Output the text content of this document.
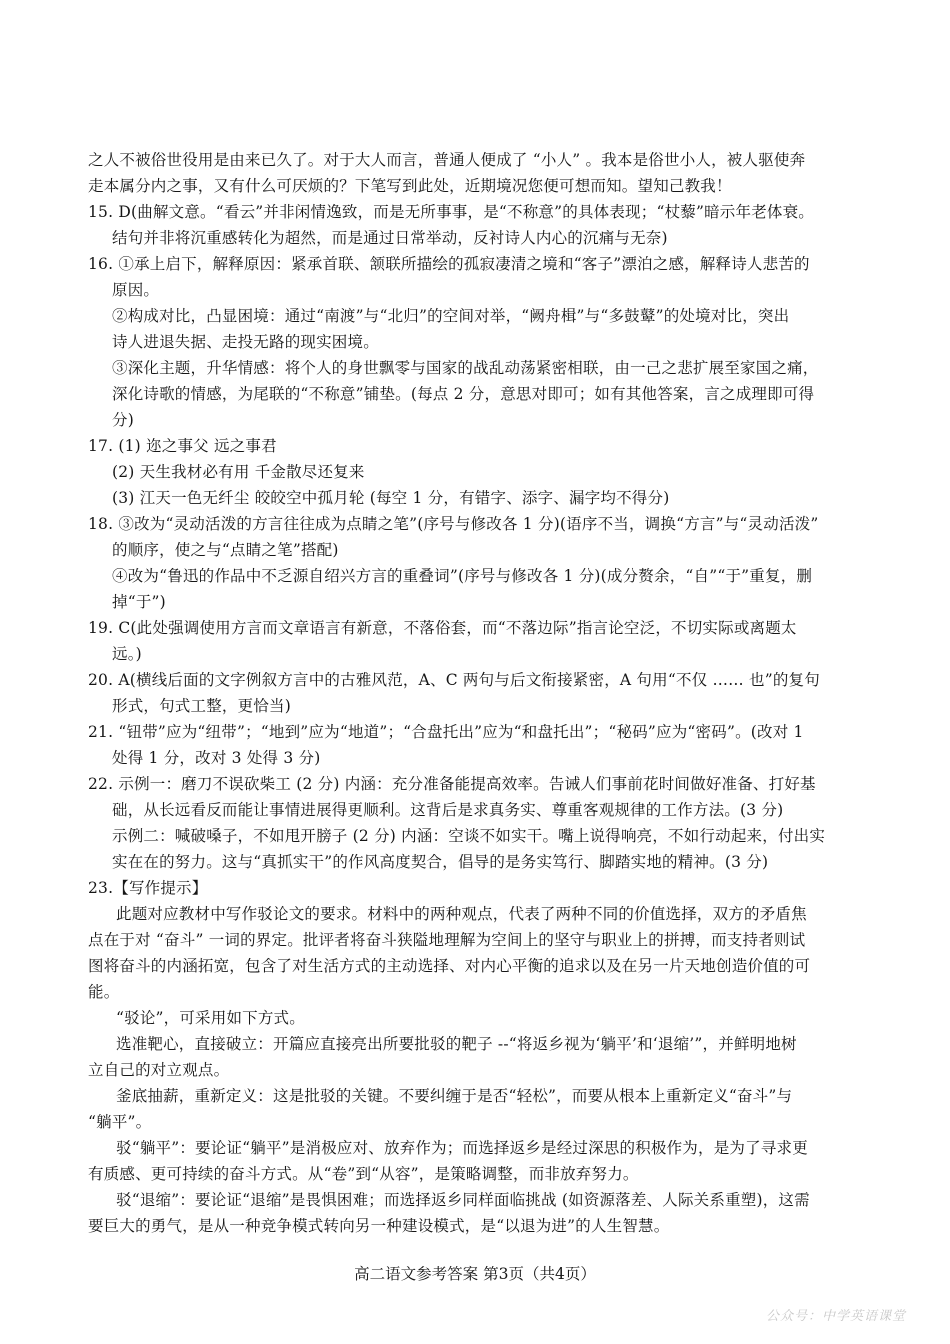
之人不被俗世役用是由来已久了。对于大人而言，普通人便成了 “小人” 。我本是俗世小人，被人驱使奔
走本属分内之事，又有什么可厌烦的？下笔写到此处，近期境况您便可想而知。望知己教我！
15. D(曲解文意。“看云”并非闲情逸致，而是无所事事，是“不称意”的具体表现；“杖藜”暗示年老体衰。
结句并非将沉重感转化为超然，而是通过日常举动，反衬诗人内心的沉痛与无奈)
16. ①承上启下，解释原因：紧承首联、颔联所描绘的孤寂凄清之境和“客子”漂泊之感，解释诗人悲苦的
原因。
②构成对比，凸显困境：通过“南渡”与“北归”的空间对举，“阙舟楫”与“多鼓鼙”的处境对比，突出
诗人进退失据、走投无路的现实困境。
③深化主题，升华情感：将个人的身世飘零与国家的战乱动荡紧密相联，由一己之悲扩展至家国之痛，
深化诗歌的情感，为尾联的“不称意”铺垫。(每点 2 分，意思对即可；如有其他答案，言之成理即可得
分)
17. (1) 迩之事父 远之事君
(2) 天生我材必有用 千金散尽还复来
(3) 江天一色无纤尘 皎皎空中孤月轮 (每空 1 分，有错字、添字、漏字均不得分)
18. ③改为“灵动活泼的方言往往成为点睛之笔”(序号与修改各 1 分)(语序不当，调换“方言”与“灵动活泼”
的顺序，使之与“点睛之笔”搭配)
④改为“鲁迅的作品中不乏源自绍兴方言的重叠词”(序号与修改各 1 分)(成分赘余，“自”“于”重复，删
掉“于”)
19. C(此处强调使用方言而文章语言有新意，不落俗套，而“不落边际”指言论空泛，不切实际或离题太
远。)
20. A(横线后面的文字例叙方言中的古雅风范，A、C 两句与后文衔接紧密，A 句用“不仅 …… 也”的复句
形式，句式工整，更恰当)
21. “钮带”应为“纽带”；“地到”应为“地道”；“合盘托出”应为“和盘托出”；“秘码”应为“密码”。(改对 1
处得 1 分，改对 3 处得 3 分)
22. 示例一：磨刀不误砍柴工 (2 分) 内涵：充分准备能提高效率。告诫人们事前花时间做好准备、打好基
础，从长远看反而能让事情进展得更顺利。这背后是求真务实、尊重客观规律的工作方法。(3 分)
示例二：喊破嗓子，不如甩开膀子 (2 分) 内涵：空谈不如实干。嘴上说得响亮，不如行动起来，付出实
实在在的努力。这与“真抓实干”的作风高度契合，倡导的是务实笃行、脚踏实地的精神。(3 分)
23.【写作提示】
此题对应教材中写作驳论文的要求。材料中的两种观点，代表了两种不同的价值选择，双方的矛盾焦
点在于对 “奋斗” 一词的界定。批评者将奋斗狭隘地理解为空间上的坚守与职业上的拼搏，而支持者则试
图将奋斗的内涵拓宽，包含了对生活方式的主动选择、对内心平衡的追求以及在另一片天地创造价值的可
能。
“驳论”，可采用如下方式。
选准靶心，直接破立：开篇应直接亮出所要批驳的靶子 --“将返乡视为‘躺平’和‘退缩’”，并鲜明地树
立自己的对立观点。
釜底抽薪，重新定义：这是批驳的关键。不要纠缠于是否“轻松”，而要从根本上重新定义“奋斗”与
“躺平”。
驳“躺平”：要论证“躺平”是消极应对、放弃作为；而选择返乡是经过深思的积极作为，是为了寻求更
有质感、更可持续的奋斗方式。从“卷”到“从容”，是策略调整，而非放弃努力。
驳“退缩”：要论证“退缩”是畏惧困难；而选择返乡同样面临挑战 (如资源落差、人际关系重塑)，这需
要巨大的勇气，是从一种竞争模式转向另一种建设模式，是“以退为进”的人生智慧。
高二语文参考答案 第3页（共4页）
公众号：中学英语课堂
